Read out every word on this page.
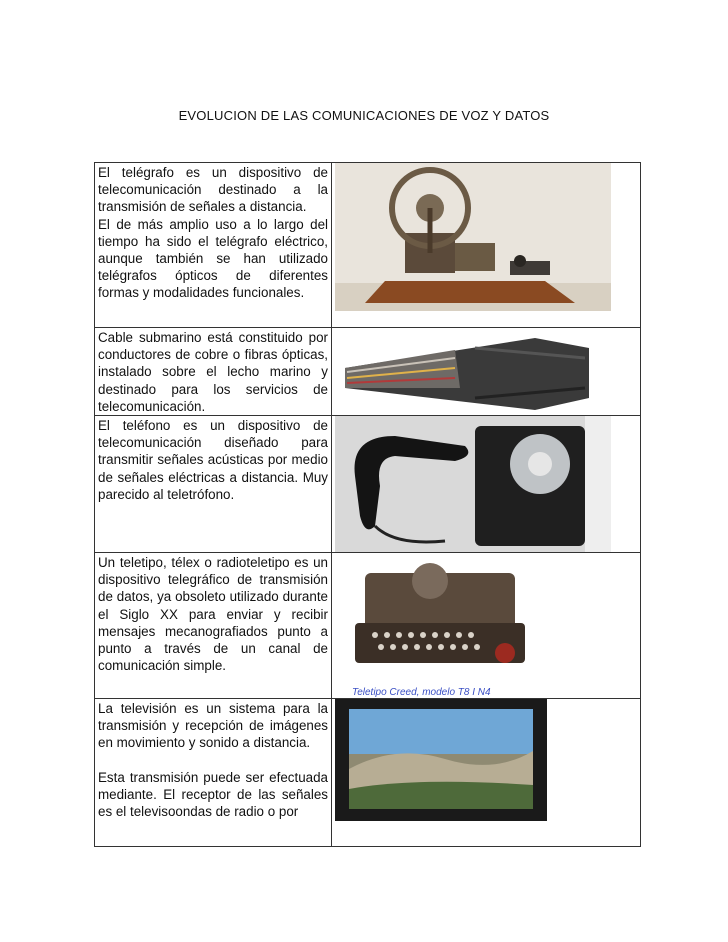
EVOLUCION DE LAS COMUNICACIONES DE VOZ Y DATOS

El telégrafo es un dispositivo de telecomunicación destinado a la transmisión de señales a distancia.

El de más amplio uso a lo largo del tiempo ha sido el telégrafo eléctrico, aunque también se han utilizado telégrafos ópticos de diferentes formas y modalidades funcionales.

Cable submarino está constituido por conductores de cobre o fibras ópticas, instalado sobre el lecho marino y destinado para los servicios de telecomunicación.

El teléfono es un dispositivo de telecomunicación diseñado para transmitir señales acústicas por medio de señales eléctricas a distancia. Muy parecido al teletrófono.

Un teletipo, télex o radioteletipo es un dispositivo telegráfico de transmisión de datos, ya obsoleto utilizado durante el Siglo XX para enviar y recibir mensajes mecanografiados punto a punto a través de un canal de comunicación simple.	Teletipo Creed, modelo T8 I N4

La televisión es un sistema para la transmisión y recepción de imágenes en movimiento y sonido a distancia.

Esta transmisión puede ser efectuada mediante. El receptor de las señales es el televisoondas de radio o por
